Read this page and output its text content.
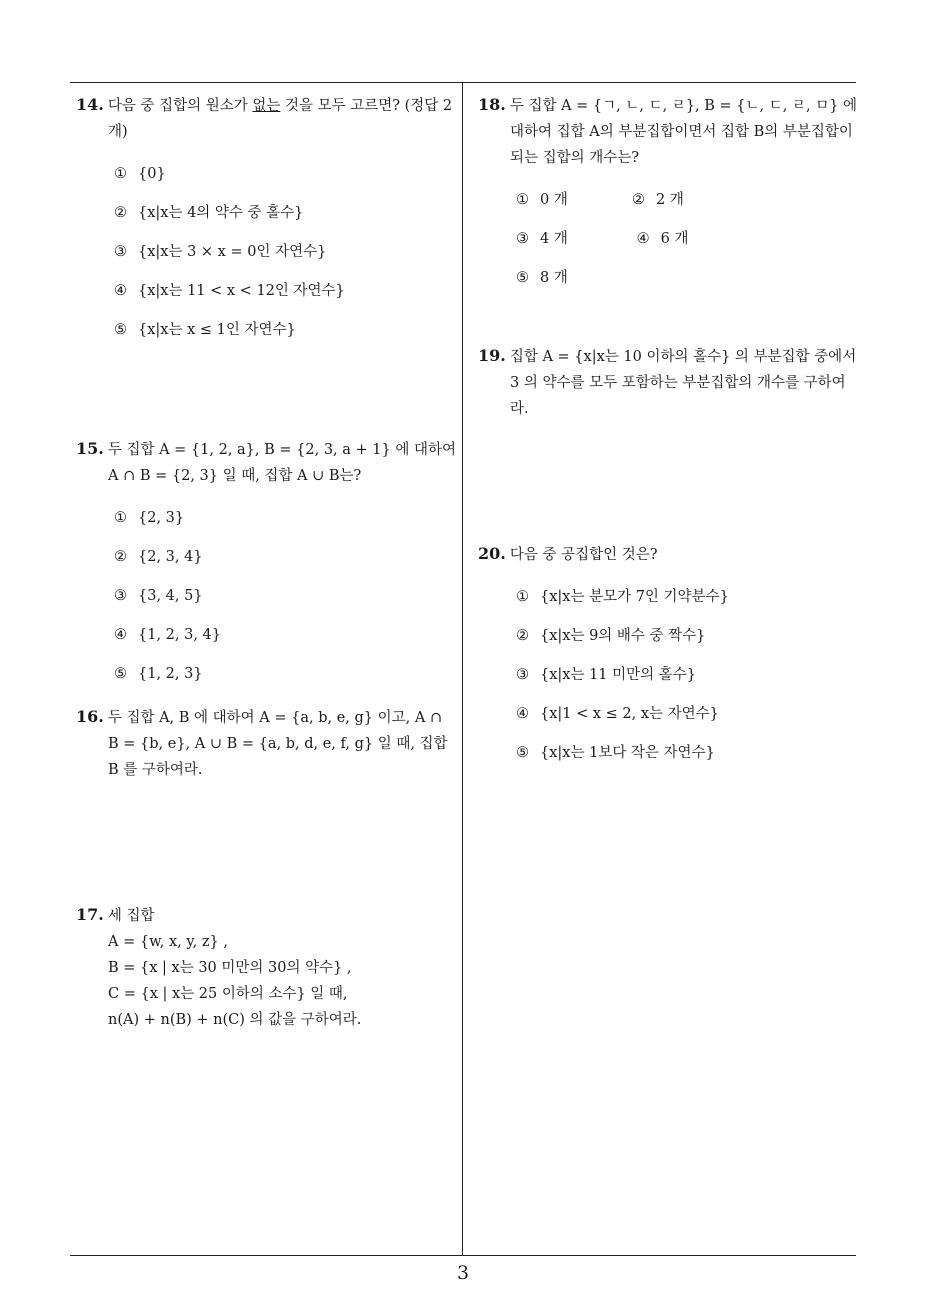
14. 다음 중 집합의 원소가 없는 것을 모두 고르면? (정답 2개)
① {0}
② {x|x는 4의 약수 중 홀수}
③ {x|x는 3 × x = 0인 자연수}
④ {x|x는 11 < x < 12인 자연수}
⑤ {x|x는 x ≤ 1인 자연수}
15. 두 집합 A = {1, 2, a}, B = {2, 3, a + 1} 에 대하여 A ∩ B = {2, 3} 일 때, 집합 A ∪ B는?
① {2, 3}② {2, 3, 4} ③ {3, 4, 5}④ {1, 2, 3, 4} ⑤ {1, 2, 3}
16. 두 집합 A, B 에 대하여 A = {a, b, e, g} 이고, A ∩ B = {b, e}, A ∪ B = {a, b, d, e, f, g} 일 때, 집합 B 를 구하여라.
17. 세 집합
A = {w, x, y, z} ,
B = {x | x는 30 미만의 30의 약수} ,
C = {x | x는 25 이하의 소수} 일 때,
n(A) + n(B) + n(C) 의 값을 구하여라.
18. 두 집합 A = {ㄱ, ㄴ, ㄷ, ㄹ}, B = {ㄴ, ㄷ, ㄹ, ㅁ} 에 대하여 집합 A의 부분집합이면서 집합 B의 부분집합이 되는 집합의 개수는?
① 0 개	② 2 개③ 4 개	④ 6 개⑤ 8 개
19. 집합 A = {x|x는 10 이하의 홀수} 의 부분집합 중에서 3 의 약수를 모두 포함하는 부분집합의 개수를 구하여라.
20. 다음 중 공집합인 것은?
① {x|x는 분모가 7인 기약분수}
② {x|x는 9의 배수 중 짝수}
③ {x|x는 11 미만의 홀수}
④ {x|1 < x ≤ 2, x는 자연수}
⑤ {x|x는 1보다 작은 자연수}
3
